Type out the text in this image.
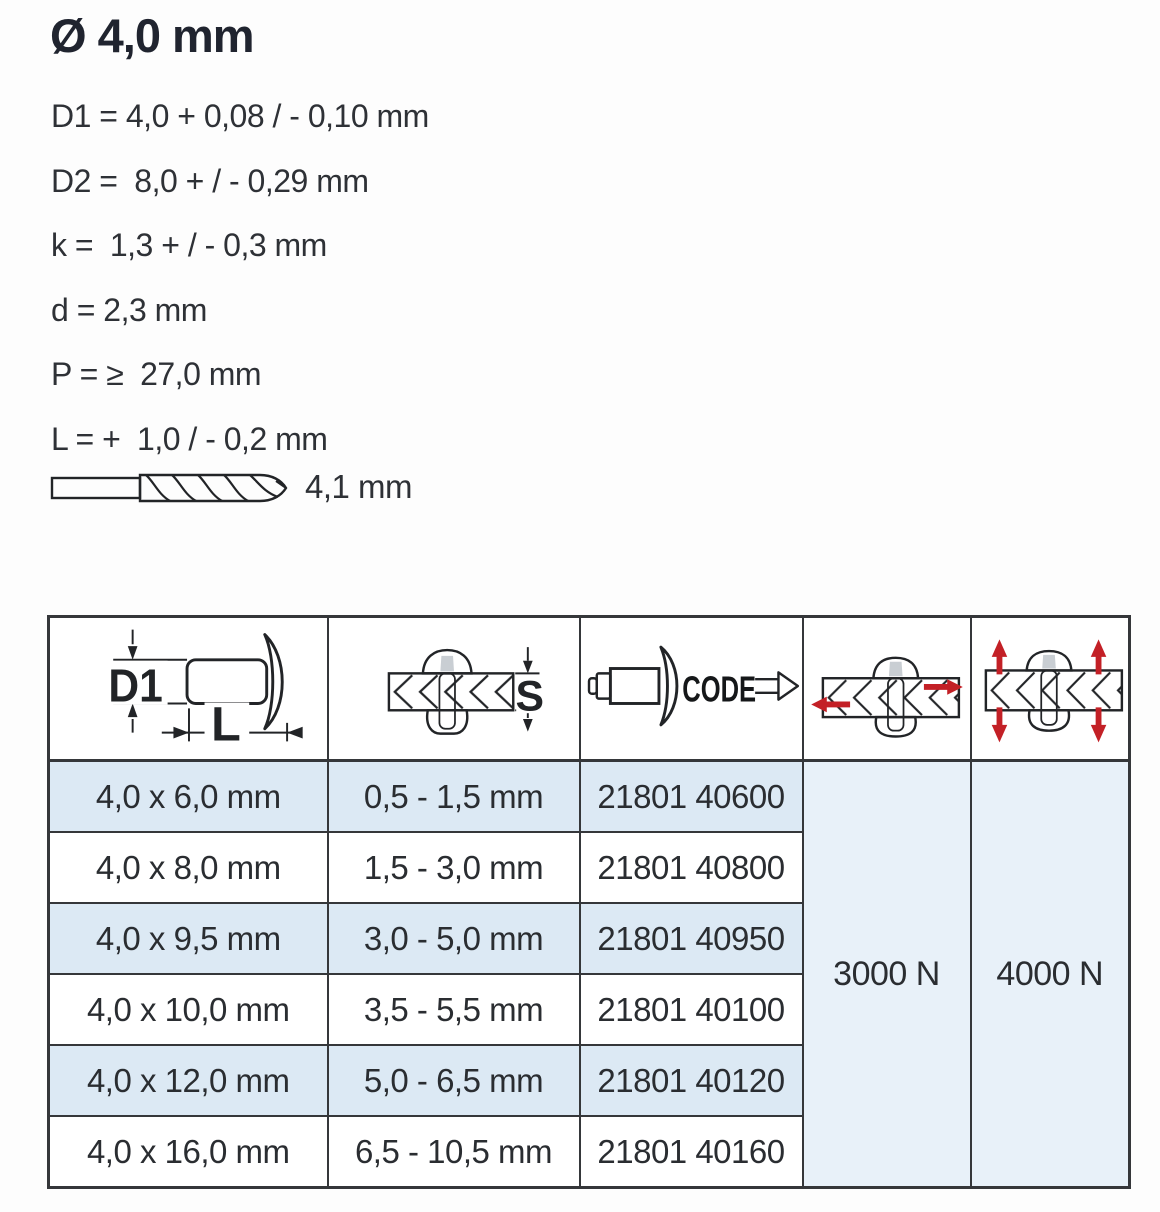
Ø 4,0 mm
D1 = 4,0 + 0,08 / - 0,10 mm
D2 =  8,0 + / - 0,29 mm
k =  1,3 + / - 0,3 mm
d = 2,3 mm
P = ≥  27,0 mm
L = +  1,0 / - 0,2 mm
4,1 mm
D1
L	S	CODE

4,0 x 6,0 mm	0,5 - 1,5 mm	21801 40600	3000 N	4000 N
4,0 x 8,0 mm	1,5 - 3,0 mm	21801 40800		
4,0 x 9,5 mm	3,0 - 5,0 mm	21801 40950		
4,0 x 10,0 mm	3,5 - 5,5 mm	21801 40100		
4,0 x 12,0 mm	5,0 - 6,5 mm	21801 40120		
4,0 x 16,0 mm	6,5 - 10,5 mm	21801 40160		
